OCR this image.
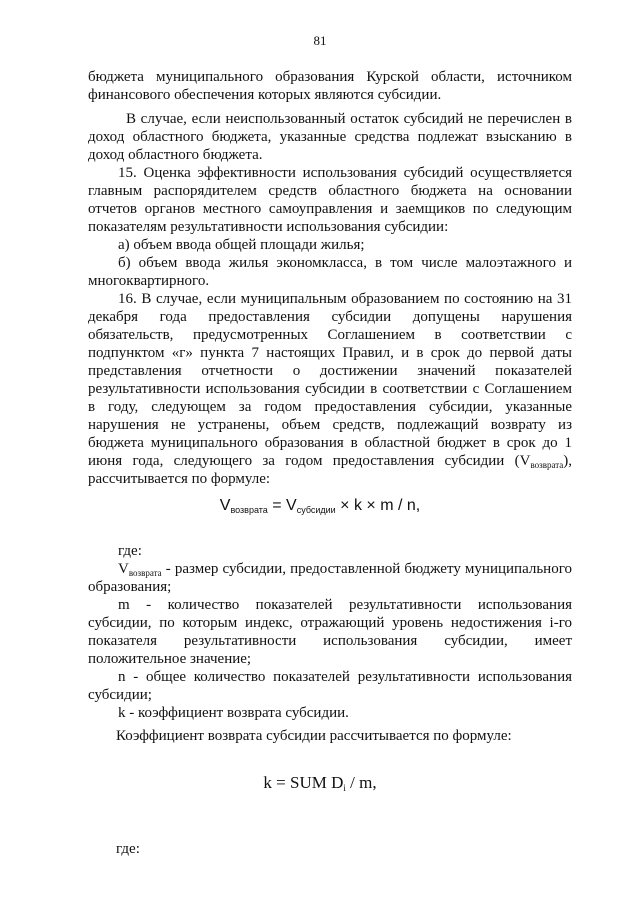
81

бюджета муниципального образования Курской области, источником финансового обеспечения которых являются субсидии.

В случае, если неиспользованный остаток субсидий не перечислен в доход областного бюджета, указанные средства подлежат взысканию в доход областного бюджета.

15. Оценка эффективности использования субсидий осуществляется главным распорядителем средств областного бюджета на основании отчетов органов местного самоуправления и заемщиков по следующим показателям результативности использования субсидии:

а) объем ввода общей площади жилья;

б) объем ввода жилья экономкласса, в том числе малоэтажного и многоквартирного.

16. В случае, если муниципальным образованием по состоянию на 31 декабря года предоставления субсидии допущены нарушения обязательств, предусмотренных Соглашением в соответствии с подпунктом «г» пункта 7 настоящих Правил, и в срок до первой даты представления отчетности о достижении значений показателей результативности использования субсидии в соответствии с Соглашением в году, следующем за годом предоставления субсидии, указанные нарушения не устранены, объем средств, подлежащий возврату из бюджета муниципального образования в областной бюджет в срок до 1 июня года, следующего за годом предоставления субсидии $(V_{возврата})$, рассчитывается по формуле:

$V_{возврата} = V_{субсидии} \times k \times m / n$,

где:

$V_{возврата}$ - размер субсидии, предоставленной бюджету муниципального образования;

m - количество показателей результативности использования субсидии, по которым индекс, отражающий уровень недостижения i-го показателя результативности использования субсидии, имеет положительное значение;

n - общее количество показателей результативности использования субсидии;

k - коэффициент возврата субсидии.

Коэффициент возврата субсидии рассчитывается по формуле:
k = SUM $D_i$ / m,
где:
